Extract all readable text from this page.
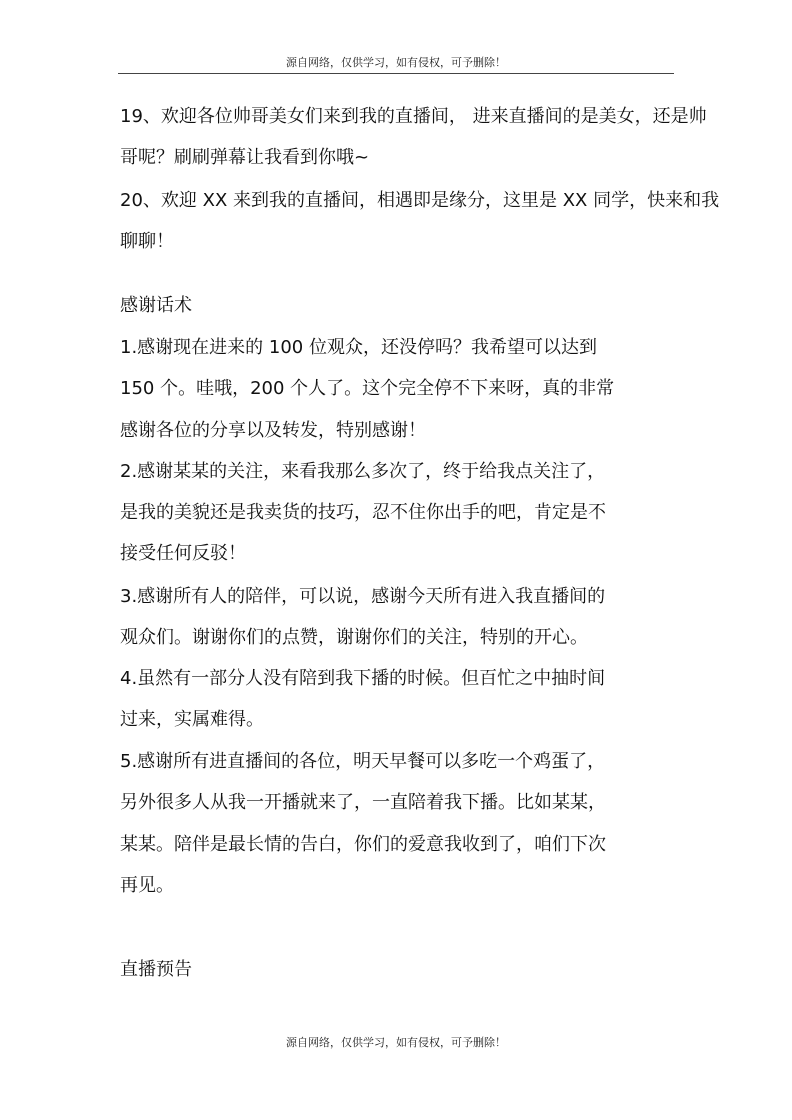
源自网络，仅供学习，如有侵权，可予删除！
19、欢迎各位帅哥美女们来到我的直播间， 进来直播间的是美女，还是帅
哥呢？刷刷弹幕让我看到你哦~
20、欢迎 XX 来到我的直播间，相遇即是缘分，这里是 XX 同学，快来和我
聊聊！
感谢话术
1.感谢现在进来的 100 位观众，还没停吗？我希望可以达到
150 个。哇哦，200 个人了。这个完全停不下来呀，真的非常
感谢各位的分享以及转发，特别感谢！
2.感谢某某的关注，来看我那么多次了，终于给我点关注了，
是我的美貌还是我卖货的技巧，忍不住你出手的吧，肯定是不
接受任何反驳！
3.感谢所有人的陪伴，可以说，感谢今天所有进入我直播间的
观众们。谢谢你们的点赞，谢谢你们的关注，特别的开心。
4.虽然有一部分人没有陪到我下播的时候。但百忙之中抽时间
过来，实属难得。
5.感谢所有进直播间的各位，明天早餐可以多吃一个鸡蛋了，
另外很多人从我一开播就来了，一直陪着我下播。比如某某，
某某。陪伴是最长情的告白，你们的爱意我收到了，咱们下次
再见。
直播预告
源自网络，仅供学习，如有侵权，可予删除！
